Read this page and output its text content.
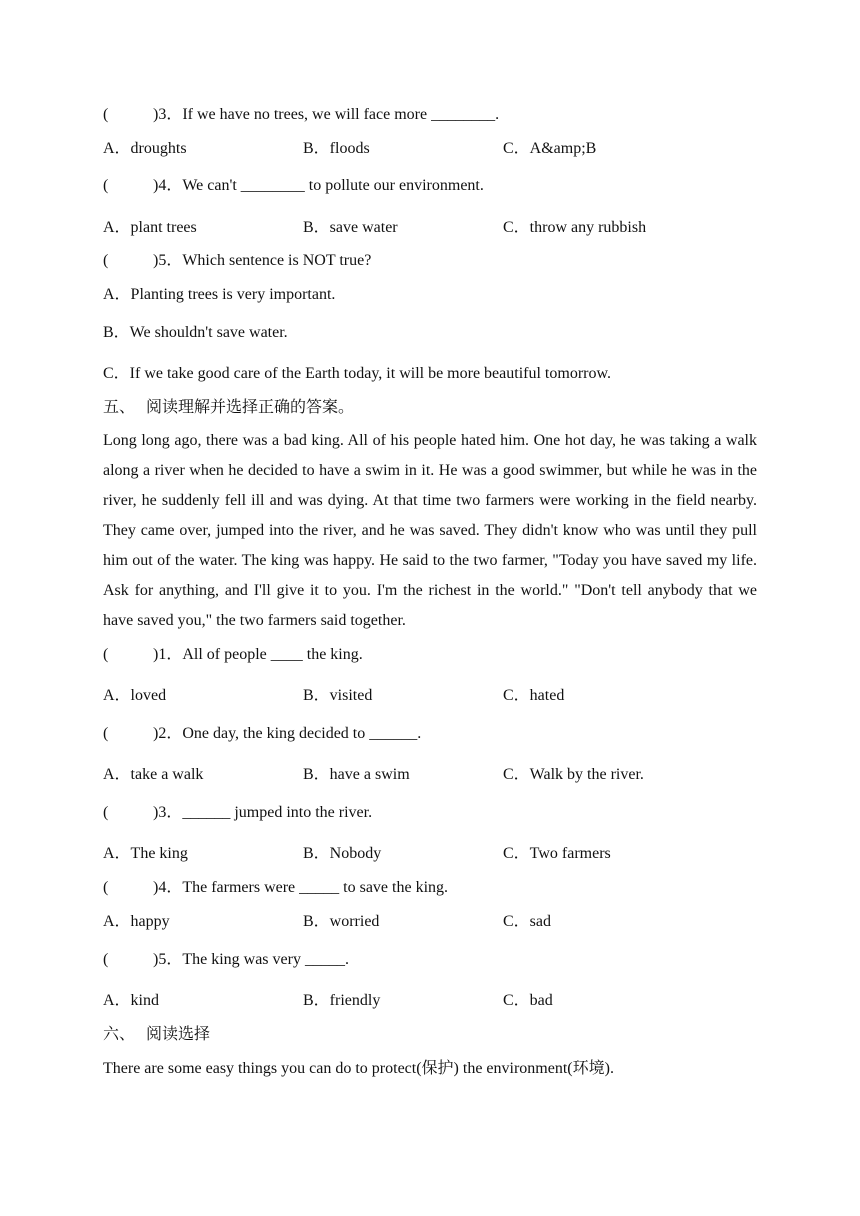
(	)3．If we have no trees, we will face more ________.
A．droughts	B．floods	C．A&amp;B
(	)4．We can't ________ to pollute our environment.
A．plant trees	B．save water	C．throw any rubbish
(	)5．Which sentence is NOT true?
A．Planting trees is very important.
B．We shouldn't save water.
C．If we take good care of the Earth today, it will be more beautiful tomorrow.
五、 阅读理解并选择正确的答案。

Long long ago, there was a bad king. All of his people hated him. One hot day, he was taking a walk along a river when he decided to have a swim in it. He was a good swimmer, but while he was in the river, he suddenly fell ill and was dying. At that time two farmers were working in the field nearby. They came over, jumped into the river, and he was saved. They didn't know who was until they pull him out of the water. The king was happy. He said to the two farmer, "Today you have saved my life. Ask for anything, and I'll give it to you. I'm the richest in the world." "Don't tell anybody that we have saved you," the two farmers said together.

(	)1．All of people ____ the king.
A．loved	B．visited	C．hated
(	)2．One day, the king decided to ______.
A．take a walk	B．have a swim	C．Walk by the river.
(	)3．______ jumped into the river.
A．The king	B．Nobody	C．Two farmers
(	)4．The farmers were _____ to save the king.
A．happy	B．worried	C．sad
(	)5．The king was very _____.
A．kind	B．friendly	C．bad
六、 阅读选择
There are some easy things you can do to protect(保护) the environment(环境).
